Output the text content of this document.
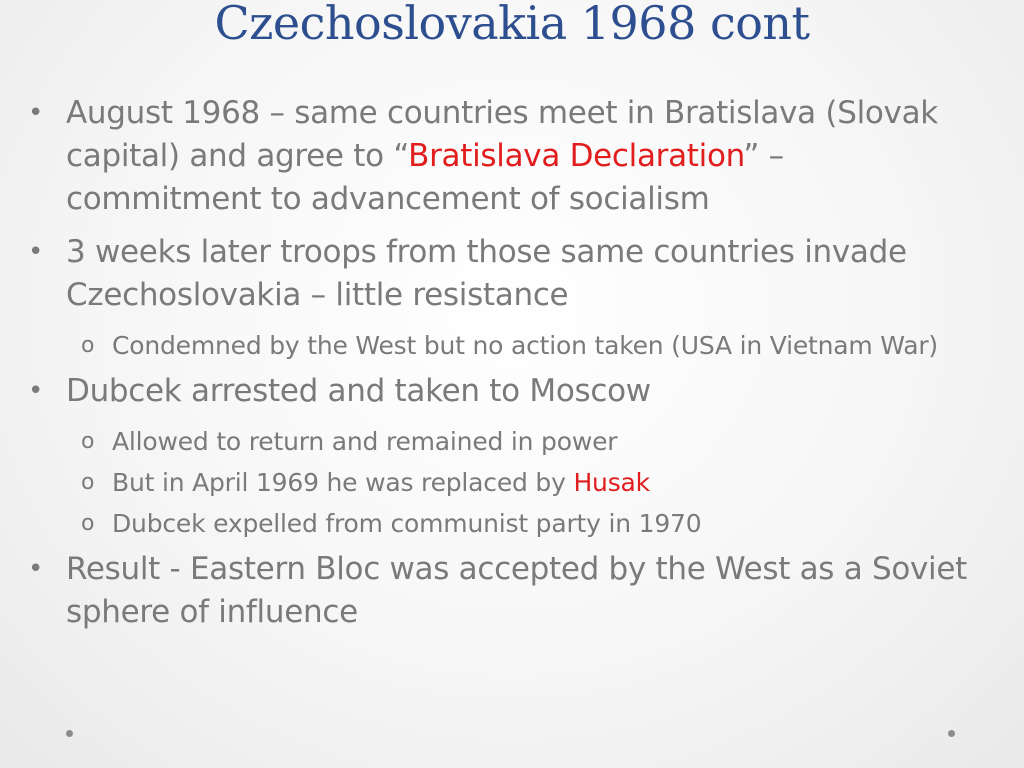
Czechoslovakia 1968 cont

• August 1968 – same countries meet in Bratislava (Slovak capital) and agree to “Bratislava Declaration” – commitment to advancement of socialism

• 3 weeks later troops from those same countries invade Czechoslovakia – little resistance

o Condemned by the West but no action taken (USA in Vietnam War)

• Dubcek arrested and taken to Moscow

o Allowed to return and remained in power

o But in April 1969 he was replaced by Husak

o Dubcek expelled from communist party in 1970

• Result - Eastern Bloc was accepted by the West as a Soviet sphere of influence
